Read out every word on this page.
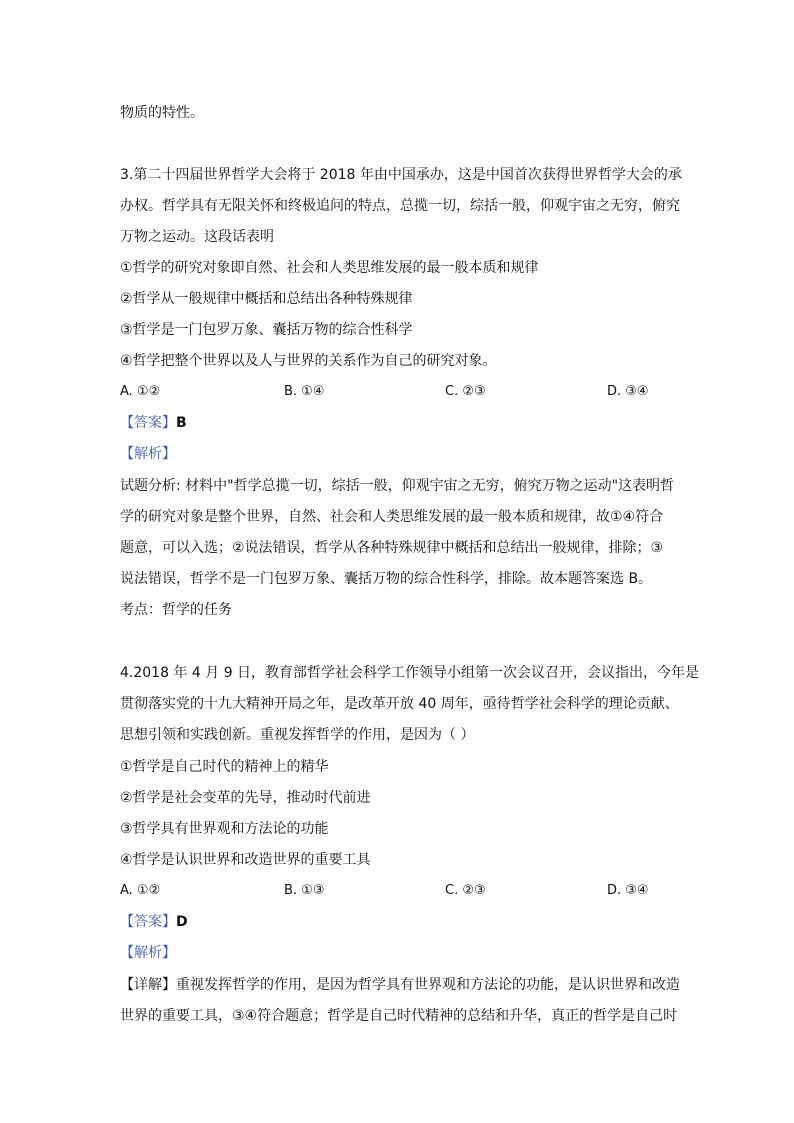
物质的特性。
3.第二十四届世界哲学大会将于 2018 年由中国承办，这是中国首次获得世界哲学大会的承
办权。哲学具有无限关怀和终极追问的特点，总揽一切，综括一般，仰观宇宙之无穷，俯究
万物之运动。这段话表明
①哲学的研究对象即自然、社会和人类思维发展的最一般本质和规律
②哲学从一般规律中概括和总结出各种特殊规律
③哲学是一门包罗万象、囊括万物的综合性科学
④哲学把整个世界以及人与世界的关系作为自己的研究对象。
A. ①②	B. ①④	C. ②③	D. ③④
【答案】B
【解析】
试题分析: 材料中"哲学总揽一切，综括一般，仰观宇宙之无穷，俯究万物之运动"这表明哲
学的研究对象是整个世界，自然、社会和人类思维发展的最一般本质和规律，故①④符合
题意，可以入选；②说法错误，哲学从各种特殊规律中概括和总结出一般规律，排除；③
说法错误，哲学不是一门包罗万象、囊括万物的综合性科学，排除。故本题答案选 B。
考点：哲学的任务
4.2018 年 4 月 9 日，教育部哲学社会科学工作领导小组第一次会议召开，会议指出，今年是
贯彻落实党的十九大精神开局之年，是改革开放 40 周年，亟待哲学社会科学的理论贡献、
思想引领和实践创新。重视发挥哲学的作用，是因为（ ）
①哲学是自己时代的精神上的精华
②哲学是社会变革的先导，推动时代前进
③哲学具有世界观和方法论的功能
④哲学是认识世界和改造世界的重要工具
A. ①②	B. ①③	C. ②③	D. ③④
【答案】D
【解析】
【详解】重视发挥哲学的作用，是因为哲学具有世界观和方法论的功能，是认识世界和改造
世界的重要工具，③④符合题意；哲学是自己时代精神的总结和升华，真正的哲学是自己时
